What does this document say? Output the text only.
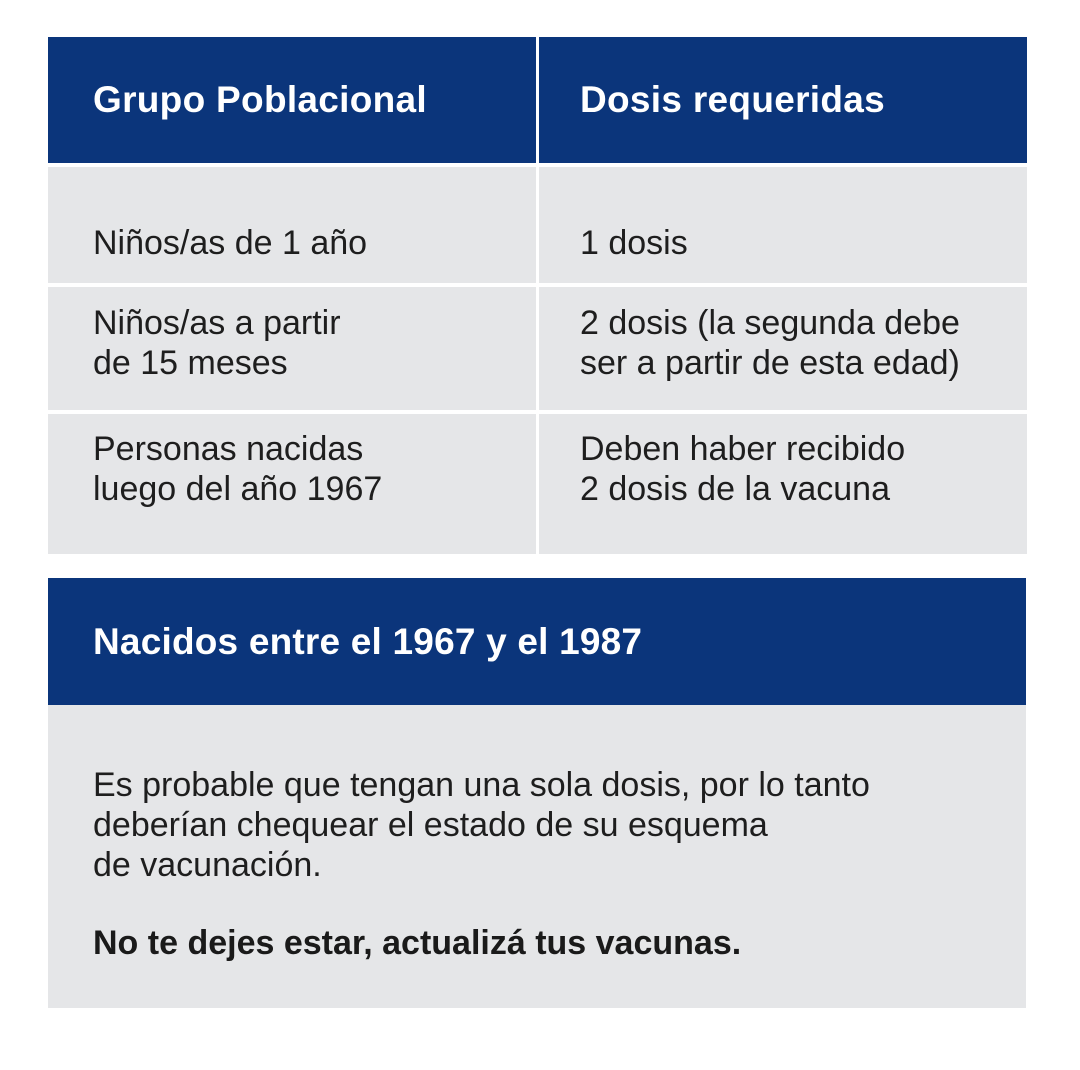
Grupo Poblacional	Dosis requeridas
Niños/as de 1 año	1 dosis
Niños/as a partir
de 15 meses
2 dosis (la segunda debe
ser a partir de esta edad)
Personas nacidas
luego del año 1967
Deben haber recibido
2 dosis de la vacuna
Nacidos entre el 1967 y el 1987
Es probable que tengan una sola dosis, por lo tanto
deberían chequear el estado de su esquema
de vacunación.
No te dejes estar, actualizá tus vacunas.
